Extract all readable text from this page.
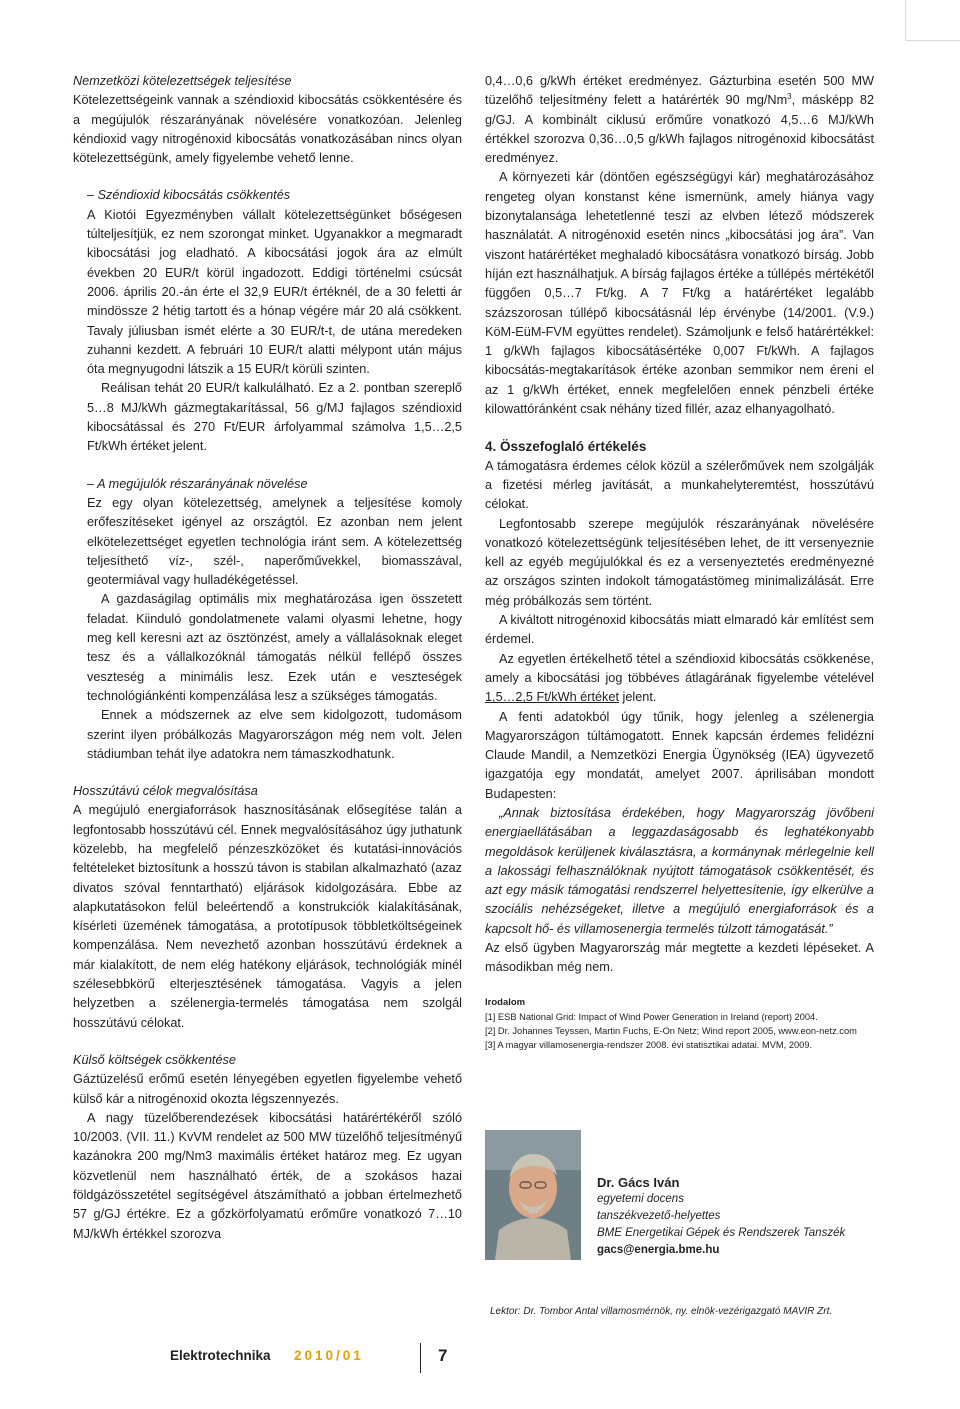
Nemzetközi kötelezettségek teljesítése

Kötelezettségeink vannak a széndioxid kibocsátás csökkentésére és a megújulók részarányának növelésére vonatkozóan. Jelenleg kéndioxid vagy nitrogénoxid kibocsátás vonatkozásában nincs olyan kötelezettségünk, amely figyelembe vehető lenne.

– Széndioxid kibocsátás csökkentés

A Kiotói Egyezményben vállalt kötelezettségünket bőségesen túlteljesítjük, ez nem szorongat minket. Ugyanakkor a megmaradt kibocsátási jog eladható. A kibocsátási jogok ára az elmúlt években 20 EUR/t körül ingadozott. Eddigi történelmi csúcsát 2006. április 20.-án érte el 32,9 EUR/t értéknél, de a 30 feletti ár mindössze 2 hétig tartott és a hónap végére már 20 alá csökkent. Tavaly júliusban ismét elérte a 30 EUR/t-t, de utána meredeken zuhanni kezdett. A februári 10 EUR/t alatti mélypont után május óta megnyugodni látszik a 15 EUR/t körüli szinten.

Reálisan tehát 20 EUR/t kalkulálható. Ez a 2. pontban szereplő 5…8 MJ/kWh gázmegtakarítással, 56 g/MJ fajlagos széndioxid kibocsátással és 270 Ft/EUR árfolyammal számolva 1,5…2,5 Ft/kWh értéket jelent.

– A megújulók részarányának növelése

Ez egy olyan kötelezettség, amelynek a teljesítése komoly erőfeszítéseket igényel az országtól. Ez azonban nem jelent elkötelezettséget egyetlen technológia iránt sem. A kötelezettség teljesíthető víz-, szél-, naperőművekkel, biomasszával, geotermiával vagy hulladékégetéssel.

A gazdaságilag optimális mix meghatározása igen összetett feladat. Kiinduló gondolatmenete valami olyasmi lehetne, hogy meg kell keresni azt az ösztönzést, amely a vállalásoknak eleget tesz és a vállalkozóknál támogatás nélkül fellépő összes veszteség a minimális lesz. Ezek után e veszteségek technológiánkénti kompenzálása lesz a szükséges támogatás.

Ennek a módszernek az elve sem kidolgozott, tudomásom szerint ilyen próbálkozás Magyarországon még nem volt. Jelen stádiumban tehát ilye adatokra nem támaszkodhatunk.

Hosszútávú célok megvalósítása

A megújuló energiaforrások hasznosításának elősegítése talán a legfontosabb hosszútávú cél. Ennek megvalósításához úgy juthatunk közelebb, ha megfelelő pénzeszközöket és kutatási-innovációs feltételeket biztosítunk a hosszú távon is stabilan alkalmazható (azaz divatos szóval fenntartható) eljárások kidolgozására. Ebbe az alapkutatásokon felül beleértendő a konstrukciók kialakításának, kísérleti üzemének támogatása, a prototípusok többletköltségeinek kompenzálása. Nem nevezhető azonban hosszútávú érdeknek a már kialakított, de nem elég hatékony eljárások, technológiák minél szélesebbkörű elterjesztésének támogatása. Vagyis a jelen helyzetben a szélenergia-termelés támogatása nem szolgál hosszútávú célokat.

Külső költségek csökkentése

Gáztüzelésű erőmű esetén lényegében egyetlen figyelembe vehető külső kár a nitrogénoxid okozta légszennyezés.

A nagy tüzelőberendezések kibocsátási határértékéről szóló 10/2003. (VII. 11.) KvVM rendelet az 500 MW tüzelőhő teljesítményű kazánokra 200 mg/Nm3 maximális értéket határoz meg. Ez ugyan közvetlenül nem használható érték, de a szokásos hazai földgázösszetétel segítségével átszámítható a jobban értelmezhető 57 g/GJ értékre. Ez a gőzkörfolyamatú erőműre vonatkozó 7…10 MJ/kWh értékkel szorozva

0,4…0,6 g/kWh értéket eredményez. Gázturbina esetén 500 MW tüzelőhő teljesítmény felett a határérték 90 mg/Nm$^3$, másképp 82 g/GJ. A kombinált ciklusú erőműre vonatkozó 4,5…6 MJ/kWh értékkel szorozva 0,36…0,5 g/kWh fajlagos nitrogénoxid kibocsátást eredményez.

A környezeti kár (döntően egészségügyi kár) meghatározásához rengeteg olyan konstanst kéne ismernünk, amely hiánya vagy bizonytalansága lehetetlenné teszi az elvben létező módszerek használatát. A nitrogénoxid esetén nincs „kibocsátási jog ára”. Van viszont határértéket meghaladó kibocsátásra vonatkozó bírság. Jobb híján ezt használhatjuk. A bírság fajlagos értéke a túllépés mértékétől függően 0,5…7 Ft/kg. A 7 Ft/kg a határértéket legalább százszorosan túllépő kibocsátásnál lép érvénybe (14/2001. (V.9.) KöM-EüM-FVM együttes rendelet). Számoljunk e felső határértékkel: 1 g/kWh fajlagos kibocsátásértéke 0,007 Ft/kWh. A fajlagos kibocsátás-megtakarítások értéke azonban semmikor nem éreni el az 1 g/kWh értéket, ennek megfelelően ennek pénzbeli értéke kilowattóránként csak néhány tized fillér, azaz elhanyagolható.

4. Összefoglaló értékelés

A támogatásra érdemes célok közül a szélerőművek nem szolgálják a fizetési mérleg javítását, a munkahelyteremtést, hosszútávú célokat.

Legfontosabb szerepe megújulók részarányának növelésére vonatkozó kötelezettségünk teljesítésében lehet, de itt versenyeznie kell az egyéb megújulókkal és ez a versenyeztetés eredményezné az országos szinten indokolt támogatástömeg minimalizálását. Erre még próbálkozás sem történt.

A kiváltott nitrogénoxid kibocsátás miatt elmaradó kár említést sem érdemel.

Az egyetlen értékelhető tétel a széndioxid kibocsátás csökkenése, amely a kibocsátási jog többéves átlagárának figyelembe vételével 1,5…2,5 Ft/kWh értéket jelent.

A fenti adatokból úgy tűnik, hogy jelenleg a szélenergia Magyarországon túltámogatott. Ennek kapcsán érdemes felidézni Claude Mandil, a Nemzetközi Energia Ügynökség (IEA) ügyvezető igazgatója egy mondatát, amelyet 2007. áprilisában mondott Budapesten:

„Annak biztosítása érdekében, hogy Magyarország jövőbeni energiaellátásában a leggazdaságosabb és leghatékonyabb megoldások kerüljenek kiválasztásra, a kormánynak mérlegelnie kell a lakossági felhasználóknak nyújtott támogatások csökkentését, és azt egy másik támogatási rendszerrel helyettesítenie, így elkerülve a szociális nehézségeket, illetve a megújuló energiaforrások és a kapcsolt hő- és villamosenergia termelés túlzott támogatását.”

Az első ügyben Magyarország már megtette a kezdeti lépéseket. A másodikban még nem.

Irodalom

[1] ESB National Grid: Impact of Wind Power Generation in Ireland (report) 2004.

[2] Dr. Johannes Teyssen, Martin Fuchs, E-On Netz; Wind report 2005, www.eon-netz.com

[3] A magyar villamosenergia-rendszer 2008. évi statisztikai adatai. MVM, 2009.

Dr. Gács Iván
egyetemi docens
tanszékvezető-helyettes
BME Energetikai Gépek és Rendszerek Tanszék
gacs@energia.bme.hu
Lektor: Dr. Tombor Antal villamosmérnök, ny. elnök-vezérigazgató MAVIR Zrt.
Elektrotechnika 2010/01	7
